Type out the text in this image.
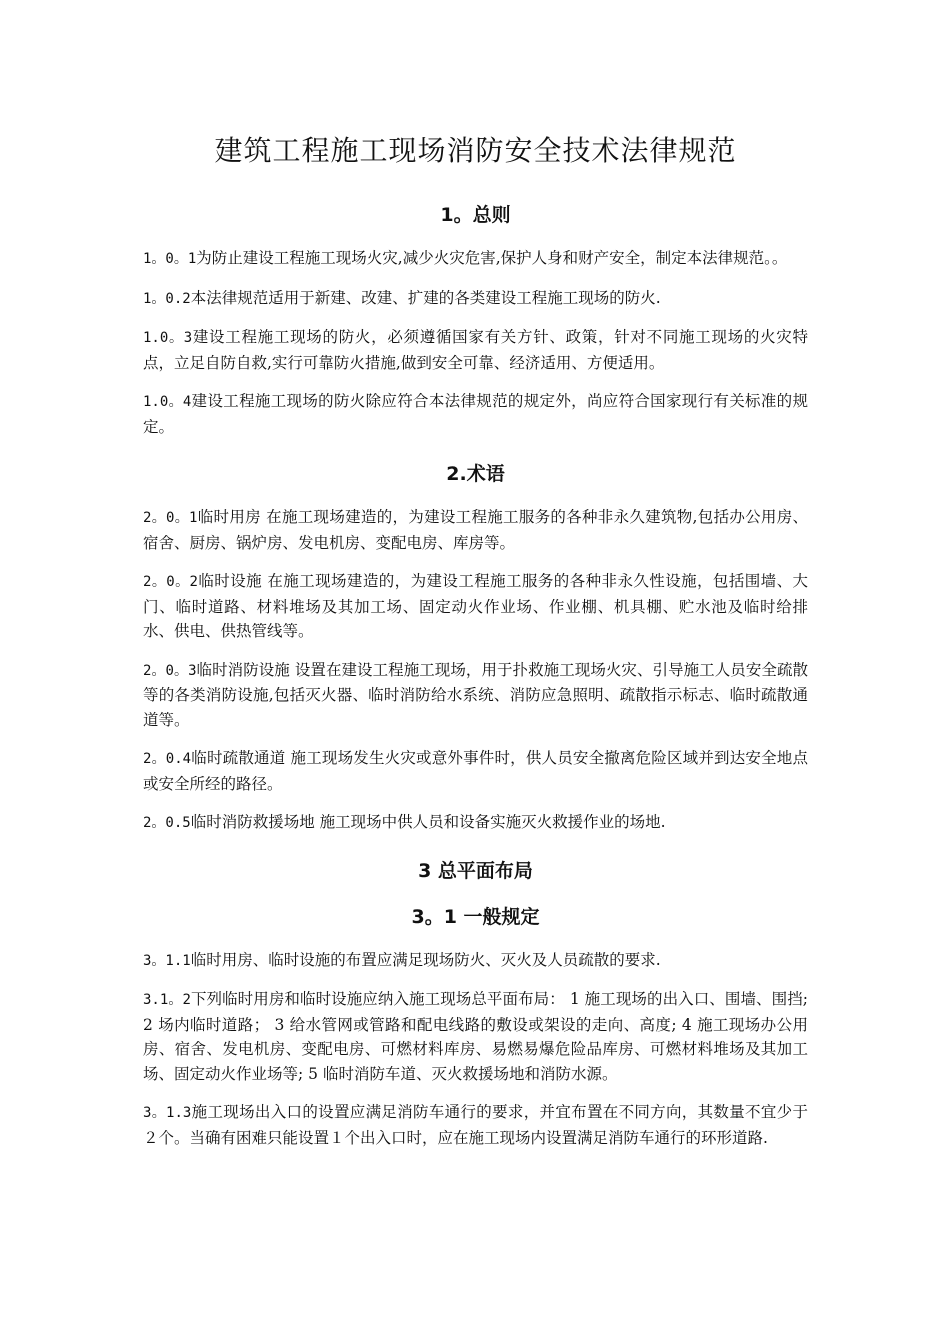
建筑工程施工现场消防安全技术法律规范
1。总则

1。0。1为防止建设工程施工现场火灾,减少火灾危害,保护人身和财产安全，制定本法律规范。。

1。0.2本法律规范适用于新建、改建、扩建的各类建设工程施工现场的防火.

1.0。3建设工程施工现场的防火，必须遵循国家有关方针、政策，针对不同施工现场的火灾特点，立足自防自救,实行可靠防火措施,做到安全可靠、经济适用、方便适用。

1.0。4建设工程施工现场的防火除应符合本法律规范的规定外，尚应符合国家现行有关标准的规定。

2.术语

2。0。1临时用房 在施工现场建造的，为建设工程施工服务的各种非永久建筑物,包括办公用房、宿舍、厨房、锅炉房、发电机房、变配电房、库房等。

2。0。2临时设施 在施工现场建造的，为建设工程施工服务的各种非永久性设施，包括围墙、大门、临时道路、材料堆场及其加工场、固定动火作业场、作业棚、机具棚、贮水池及临时给排水、供电、供热管线等。

2。0。3临时消防设施 设置在建设工程施工现场，用于扑救施工现场火灾、引导施工人员安全疏散等的各类消防设施,包括灭火器、临时消防给水系统、消防应急照明、疏散指示标志、临时疏散通道等。

2。0.4临时疏散通道 施工现场发生火灾或意外事件时，供人员安全撤离危险区域并到达安全地点或安全所经的路径。

2。0.5临时消防救援场地 施工现场中供人员和设备实施灭火救援作业的场地.

3 总平面布局
3。1 一般规定

3。1.1临时用房、临时设施的布置应满足现场防火、灭火及人员疏散的要求.

3.1。2下列临时用房和临时设施应纳入施工现场总平面布局： 1 施工现场的出入口、围墙、围挡; 2 场内临时道路； 3 给水管网或管路和配电线路的敷设或架设的走向、高度; 4 施工现场办公用房、宿舍、发电机房、变配电房、可燃材料库房、易燃易爆危险品库房、可燃材料堆场及其加工场、固定动火作业场等; 5 临时消防车道、灭火救援场地和消防水源。

3。1.3施工现场出入口的设置应满足消防车通行的要求，并宜布置在不同方向，其数量不宜少于２个。当确有困难只能设置１个出入口时，应在施工现场内设置满足消防车通行的环形道路.
